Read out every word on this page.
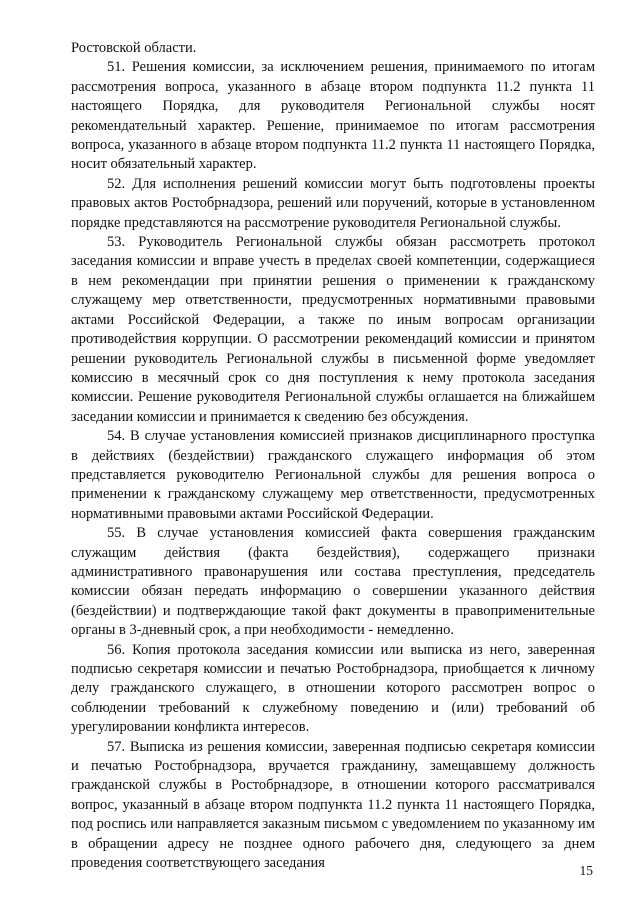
Ростовской области.

51. Решения комиссии, за исключением решения, принимаемого по итогам рассмотрения вопроса, указанного в абзаце втором подпункта 11.2 пункта 11 настоящего Порядка, для руководителя Региональной службы носят рекомендательный характер. Решение, принимаемое по итогам рассмотрения вопроса, указанного в абзаце втором подпункта 11.2 пункта 11 настоящего Порядка, носит обязательный характер.

52. Для исполнения решений комиссии могут быть подготовлены проекты правовых актов Ростобрнадзора, решений или поручений, которые в установленном порядке представляются на рассмотрение руководителя Региональной службы.

53. Руководитель Региональной службы обязан рассмотреть протокол заседания комиссии и вправе учесть в пределах своей компетенции, содержащиеся в нем рекомендации при принятии решения о применении к гражданскому служащему мер ответственности, предусмотренных нормативными правовыми актами Российской Федерации, а также по иным вопросам организации противодействия коррупции. О рассмотрении рекомендаций комиссии и принятом решении руководитель Региональной службы в письменной форме уведомляет комиссию в месячный срок со дня поступления к нему протокола заседания комиссии. Решение руководителя Региональной службы оглашается на ближайшем заседании комиссии и принимается к сведению без обсуждения.

54. В случае установления комиссией признаков дисциплинарного проступка в действиях (бездействии) гражданского служащего информация об этом представляется руководителю Региональной службы для решения вопроса о применении к гражданскому служащему мер ответственности, предусмотренных нормативными правовыми актами Российской Федерации.

55. В случае установления комиссией факта совершения гражданским служащим действия (факта бездействия), содержащего признаки административного правонарушения или состава преступления, председатель комиссии обязан передать информацию о совершении указанного действия (бездействии) и подтверждающие такой факт документы в правоприменительные органы в 3-дневный срок, а при необходимости - немедленно.

56. Копия протокола заседания комиссии или выписка из него, заверенная подписью секретаря комиссии и печатью Ростобрнадзора, приобщается к личному делу гражданского служащего, в отношении которого рассмотрен вопрос о соблюдении требований к служебному поведению и (или) требований об урегулировании конфликта интересов.

57. Выписка из решения комиссии, заверенная подписью секретаря комиссии и печатью Ростобрнадзора, вручается гражданину, замещавшему должность гражданской службы в Ростобрнадзоре, в отношении которого рассматривался вопрос, указанный в абзаце втором подпункта 11.2 пункта 11 настоящего Порядка, под роспись или направляется заказным письмом с уведомлением по указанному им в обращении адресу не позднее одного рабочего дня, следующего за днем проведения соответствующего заседания	15
